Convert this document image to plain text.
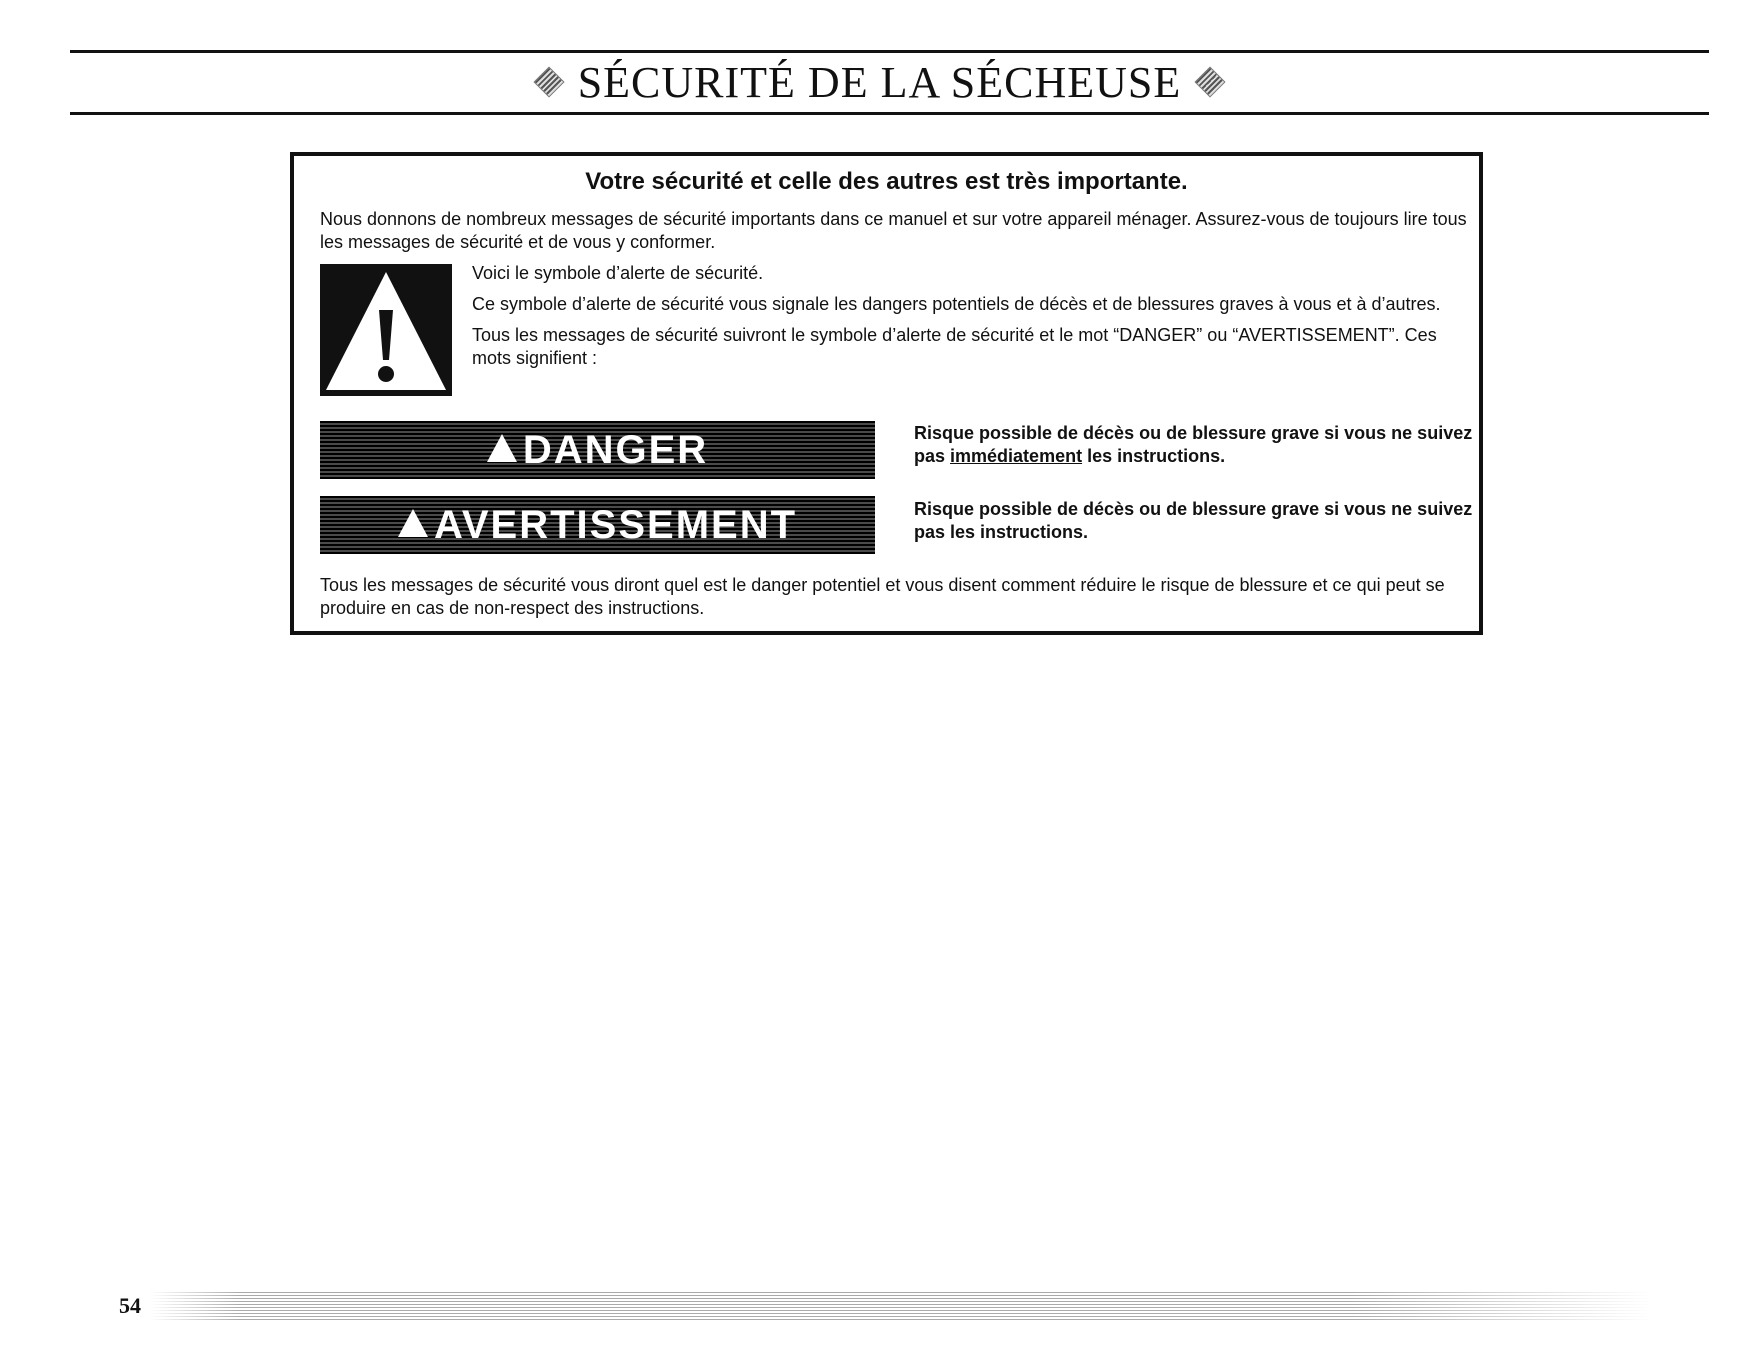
SÉCURITÉ DE LA SÉCHEUSE
Votre sécurité et celle des autres est très importante.
Nous donnons de nombreux messages de sécurité importants dans ce manuel et sur votre appareil ménager. Assurez-vous de toujours lire tous les messages de sécurité et de vous y conformer.

Voici le symbole d’alerte de sécurité.

Ce symbole d’alerte de sécurité vous signale les dangers potentiels de décès et de blessures graves à vous et à d’autres.

Tous les messages de sécurité suivront le symbole d’alerte de sécurité et le mot “DANGER” ou “AVERTISSEMENT”. Ces mots signifient :

DANGER	Risque possible de décès ou de blessure grave si vous ne suivez pas immédiatement les instructions.
AVERTISSEMENT	Risque possible de décès ou de blessure grave si vous ne suivez pas les instructions.
Tous les messages de sécurité vous diront quel est le danger potentiel et vous disent comment réduire le risque de blessure et ce qui peut se produire en cas de non-respect des instructions.
54
